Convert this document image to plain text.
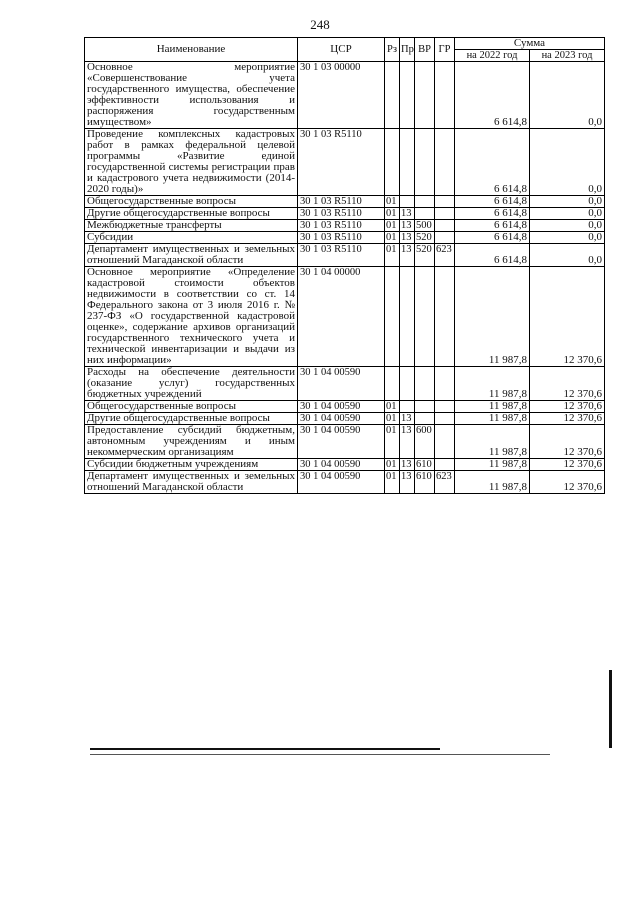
248
Наименование	ЦСР	Рз	Пр	ВР	ГР	Сумма	
						на 2022 год	на 2023 год
Основное мероприятие «Совершенствование учета государственного имущества, обеспечение эффективности использования и распоряжения государственным имуществом»	30 1 03 00000					6 614,8	0,0
Проведение комплексных кадастровых работ в рамках федеральной целевой программы «Развитие единой государственной системы регистрации прав и кадастрового учета недвижимости (2014-2020 годы)»	30 1 03 R5110					6 614,8	0,0
Общегосударственные вопросы	30 1 03 R5110	01				6 614,8	0,0
Другие общегосударственные вопросы	30 1 03 R5110	01	13			6 614,8	0,0
Межбюджетные трансферты	30 1 03 R5110	01	13	500		6 614,8	0,0
Субсидии	30 1 03 R5110	01	13	520		6 614,8	0,0
Департамент имущественных и земельных отношений Магаданской области	30 1 03 R5110	01	13	520	623	6 614,8	0,0
Основное мероприятие «Определение кадастровой стоимости объектов недвижимости в соответствии со ст. 14 Федерального закона от 3 июля 2016 г. № 237-ФЗ «О государственной кадастровой оценке», содержание архивов организаций государственного технического учета и технической инвентаризации и выдачи из них информации»	30 1 04 00000					11 987,8	12 370,6
Расходы на обеспечение деятельности (оказание услуг) государственных бюджетных учреждений	30 1 04 00590					11 987,8	12 370,6
Общегосударственные вопросы	30 1 04 00590	01				11 987,8	12 370,6
Другие общегосударственные вопросы	30 1 04 00590	01	13			11 987,8	12 370,6
Предоставление субсидий бюджетным, автономным учреждениям и иным некоммерческим организациям	30 1 04 00590	01	13	600		11 987,8	12 370,6
Субсидии бюджетным учреждениям	30 1 04 00590	01	13	610		11 987,8	12 370,6
Департамент имущественных и земельных отношений Магаданской области	30 1 04 00590	01	13	610	623	11 987,8	12 370,6
